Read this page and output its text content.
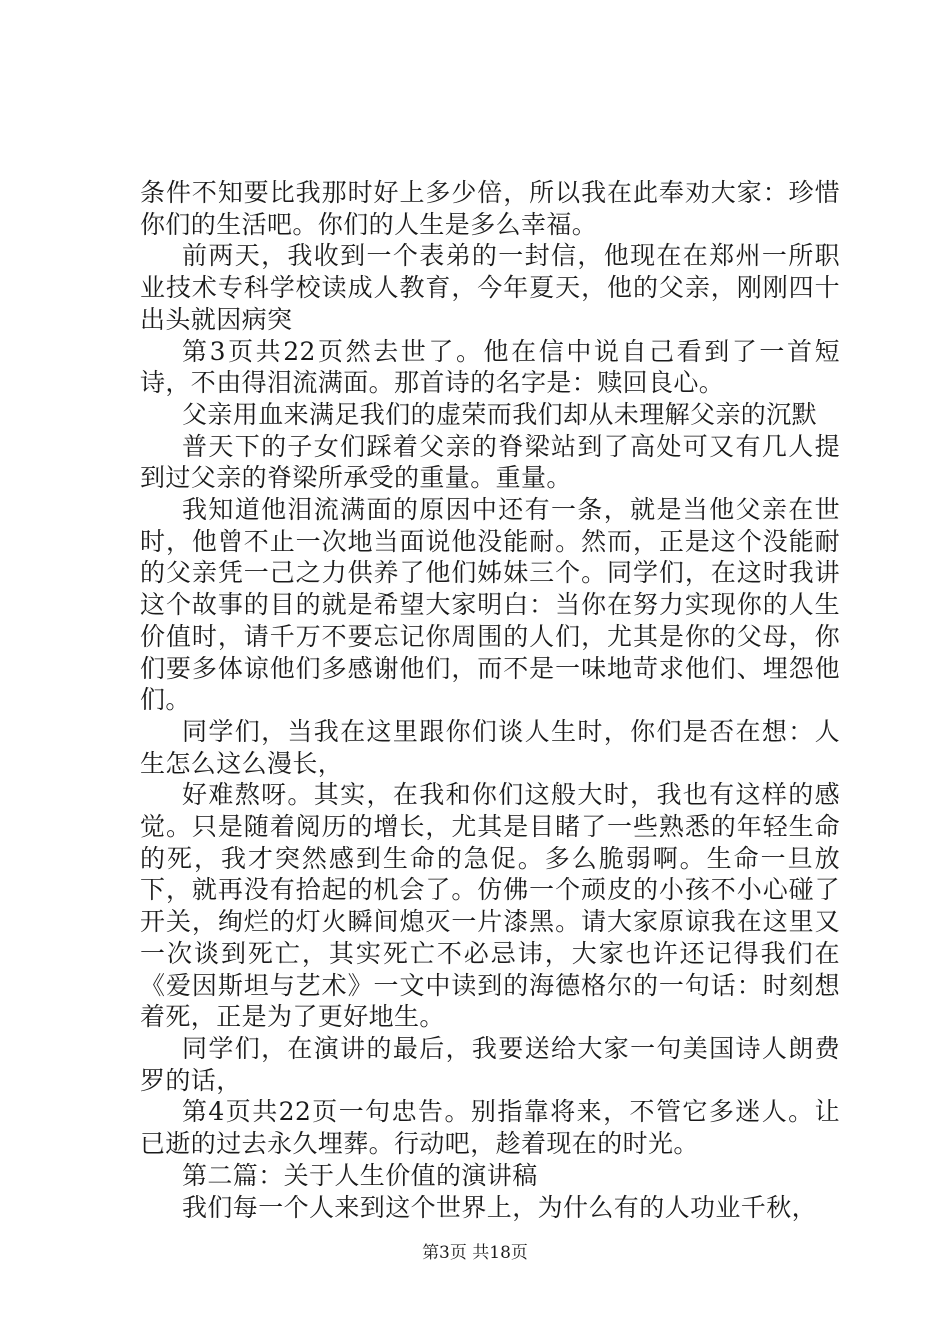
条件不知要比我那时好上多少倍，所以我在此奉劝大家：珍惜你们的生活吧。你们的人生是多么幸福。

前两天，我收到一个表弟的一封信，他现在在郑州一所职业技术专科学校读成人教育，今年夏天，他的父亲，刚刚四十出头就因病突

第3页共22页然去世了。他在信中说自己看到了一首短诗，不由得泪流满面。那首诗的名字是：赎回良心。

父亲用血来满足我们的虚荣而我们却从未理解父亲的沉默

普天下的子女们踩着父亲的脊梁站到了高处可又有几人提到过父亲的脊梁所承受的重量。重量。

我知道他泪流满面的原因中还有一条，就是当他父亲在世时，他曾不止一次地当面说他没能耐。然而，正是这个没能耐的父亲凭一己之力供养了他们姊妹三个。同学们，在这时我讲这个故事的目的就是希望大家明白：当你在努力实现你的人生价值时，请千万不要忘记你周围的人们，尤其是你的父母，你们要多体谅他们多感谢他们，而不是一味地苛求他们、埋怨他们。

同学们，当我在这里跟你们谈人生时，你们是否在想：人生怎么这么漫长，

好难熬呀。其实，在我和你们这般大时，我也有这样的感觉。只是随着阅历的增长，尤其是目睹了一些熟悉的年轻生命的死，我才突然感到生命的急促。多么脆弱啊。生命一旦放下，就再没有拾起的机会了。仿佛一个顽皮的小孩不小心碰了开关，绚烂的灯火瞬间熄灭一片漆黑。请大家原谅我在这里又一次谈到死亡，其实死亡不必忌讳，大家也许还记得我们在《爱因斯坦与艺术》一文中读到的海德格尔的一句话：时刻想着死，正是为了更好地生。

同学们，在演讲的最后，我要送给大家一句美国诗人朗费罗的话，

第4页共22页一句忠告。别指靠将来，不管它多迷人。让已逝的过去永久埋葬。行动吧，趁着现在的时光。

第二篇：关于人生价值的演讲稿

我们每一个人来到这个世界上，为什么有的人功业千秋，

第3页 共18页
